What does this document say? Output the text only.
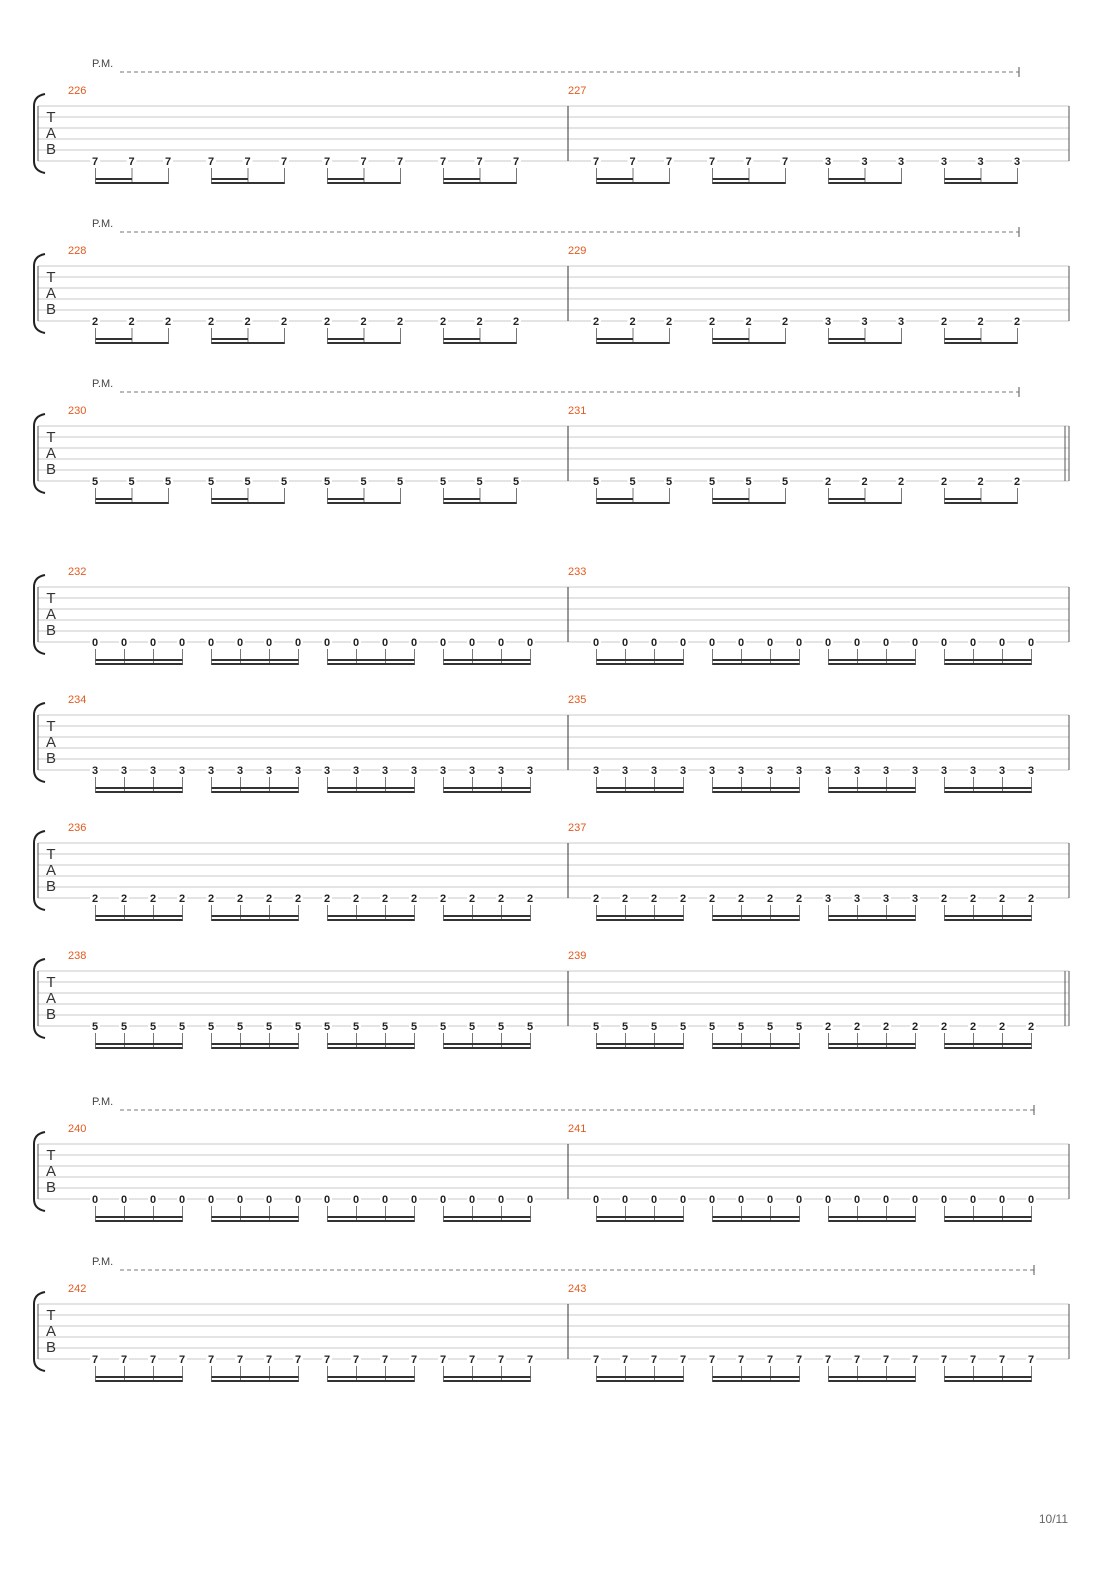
P.M.
T
A
B
226
7	7	7	7	7	7	7	7	7	7	7	7
227
7	7	7	7	7	7	3	3	3	3	3	3
P.M.
T
A
B
228
2	2	2	2	2	2	2	2	2	2	2	2
229
2	2	2	2	2	2	3	3	3	2	2	2
P.M.
T
A
B
230
5	5	5	5	5	5	5	5	5	5	5	5
231
5	5	5	5	5	5	2	2	2	2	2	2
T
A
B
232
0 0 0 0 0 0 0 0 0 0 0 0 0 0 0 0
233
0 0 0 0 0 0 0 0 0 0 0 0 0 0 0 0
T
A
B
234
3 3 3 3 3 3 3 3 3 3 3 3 3 3 3 3
235
3 3 3 3 3 3 3 3 3 3 3 3 3 3 3 3
T
A
B
236
2 2 2 2 2 2 2 2 2 2 2 2 2 2 2 2
237
2 2 2 2 2 2 2 2 3 3 3 3 2 2 2 2
T
A
B
238
5 5 5 5 5 5 5 5 5 5 5 5 5 5 5 5
239
5 5 5 5 5 5 5 5 2 2 2 2 2 2 2 2
P.M.
T
A
B
240
0 0 0 0 0 0 0 0 0 0 0 0 0 0 0 0
241
0 0 0 0 0 0 0 0 0 0 0 0 0 0 0 0
P.M.
T
A
B
242
7 7 7 7 7 7 7 7 7 7 7 7 7 7 7 7
243
7 7 7 7 7 7 7 7 7 7 7 7 7 7 7 7
10/11
